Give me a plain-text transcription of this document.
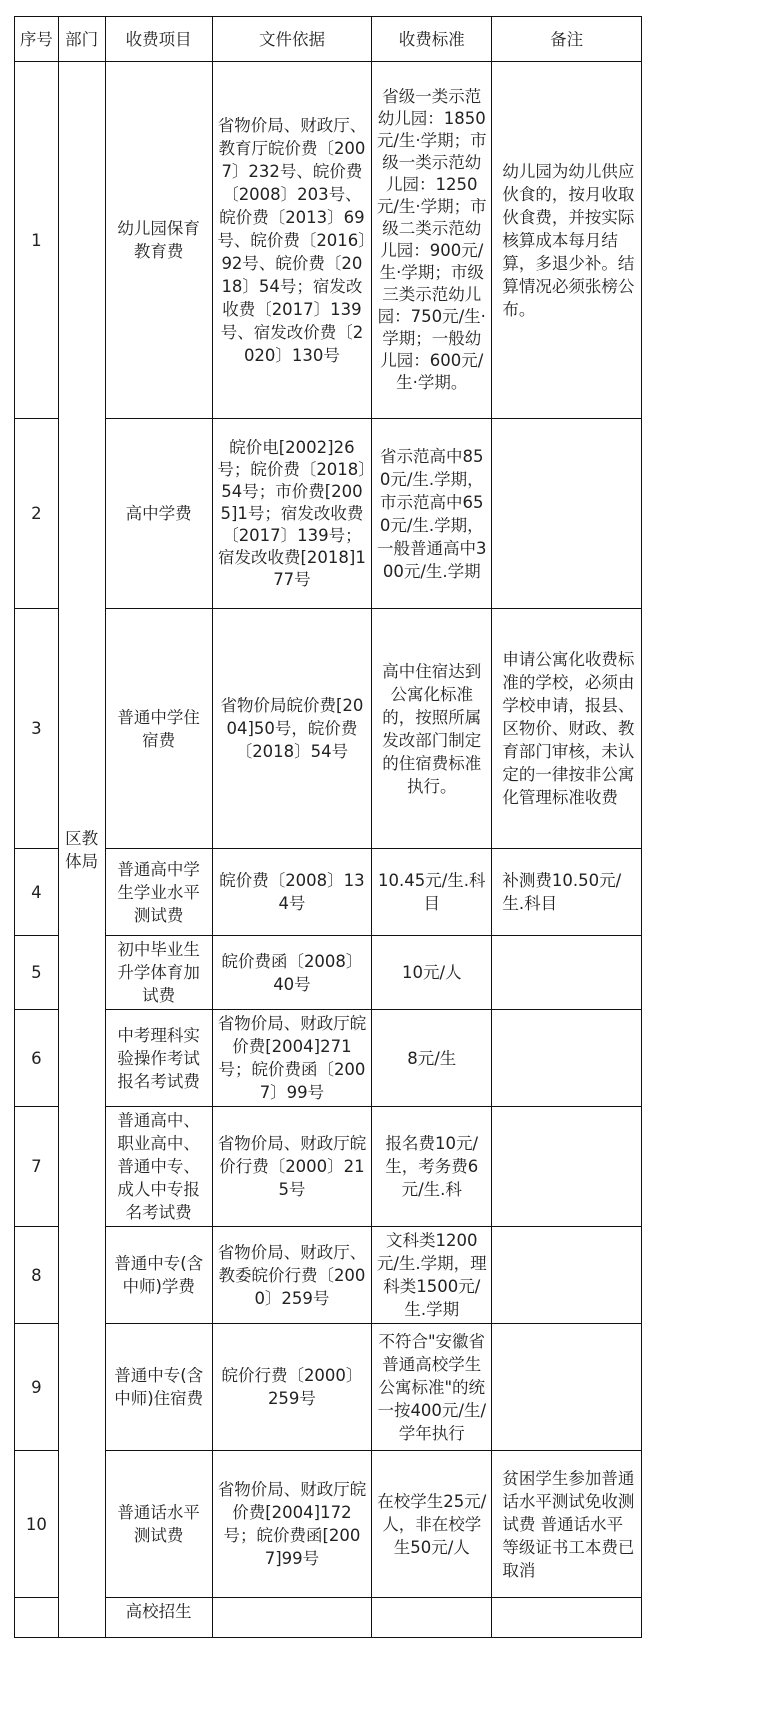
序号	部门	收费项目	文件依据	收费标准	备注
1	区教体局	幼儿园保育教育费	省物价局、财政厅、教育厅皖价费〔2007〕232号、皖价费〔2008〕203号、皖价费〔2013〕69号、皖价费〔2016〕92号、皖价费〔2018〕54号；宿发改收费〔2017〕139号、宿发改价费〔2020〕130号	省级一类示范幼儿园：1850元/生·学期；市级一类示范幼儿园：1250元/生·学期；市级二类示范幼儿园：900元/生·学期；市级三类示范幼儿园：750元/生·学期；一般幼儿园：600元/生·学期。	幼儿园为幼儿供应伙食的，按月收取伙食费，并按实际核算成本每月结算，多退少补。结算情况必须张榜公布。
2		高中学费	皖价电[2002]26号；皖价费〔2018〕54号；市价费[2005]1号；宿发改收费〔2017〕139号；宿发改收费[2018]177号	省示范高中850元/生.学期，市示范高中650元/生.学期，一般普通高中300元/生.学期	
3		普通中学住宿费	省物价局皖价费[2004]50号，皖价费〔2018〕54号	高中住宿达到公寓化标准的，按照所属发改部门制定的住宿费标准执行。	申请公寓化收费标准的学校，必须由学校申请，报县、区物价、财政、教育部门审核，未认定的一律按非公寓化管理标准收费
4		普通高中学生学业水平测试费	皖价费〔2008〕134号	10.45元/生.科目	补测费10.50元/生.科目
5		初中毕业生升学体育加试费	皖价费函〔2008〕40号	10元/人	
6		中考理科实验操作考试报名考试费	省物价局、财政厅皖价费[2004]271号；皖价费函〔2007〕99号	8元/生	
7		普通高中、职业高中、普通中专、成人中专报名考试费	省物价局、财政厅皖价行费〔2000〕215号	报名费10元/生，考务费6元/生.科	
8		普通中专(含中师)学费	省物价局、财政厅、教委皖价行费〔2000〕259号	文科类1200元/生.学期，理科类1500元/生.学期	
9		普通中专(含中师)住宿费	皖价行费〔2000〕259号	不符合"安徽省普通高校学生公寓标准"的统一按400元/生/学年执行	
10		普通话水平测试费	省物价局、财政厅皖价费[2004]172号；皖价费函[2007]99号	在校学生25元/人，非在校学生50元/人	贫困学生参加普通话水平测试免收测试费 普通话水平等级证书工本费已取消
		高校招生			
